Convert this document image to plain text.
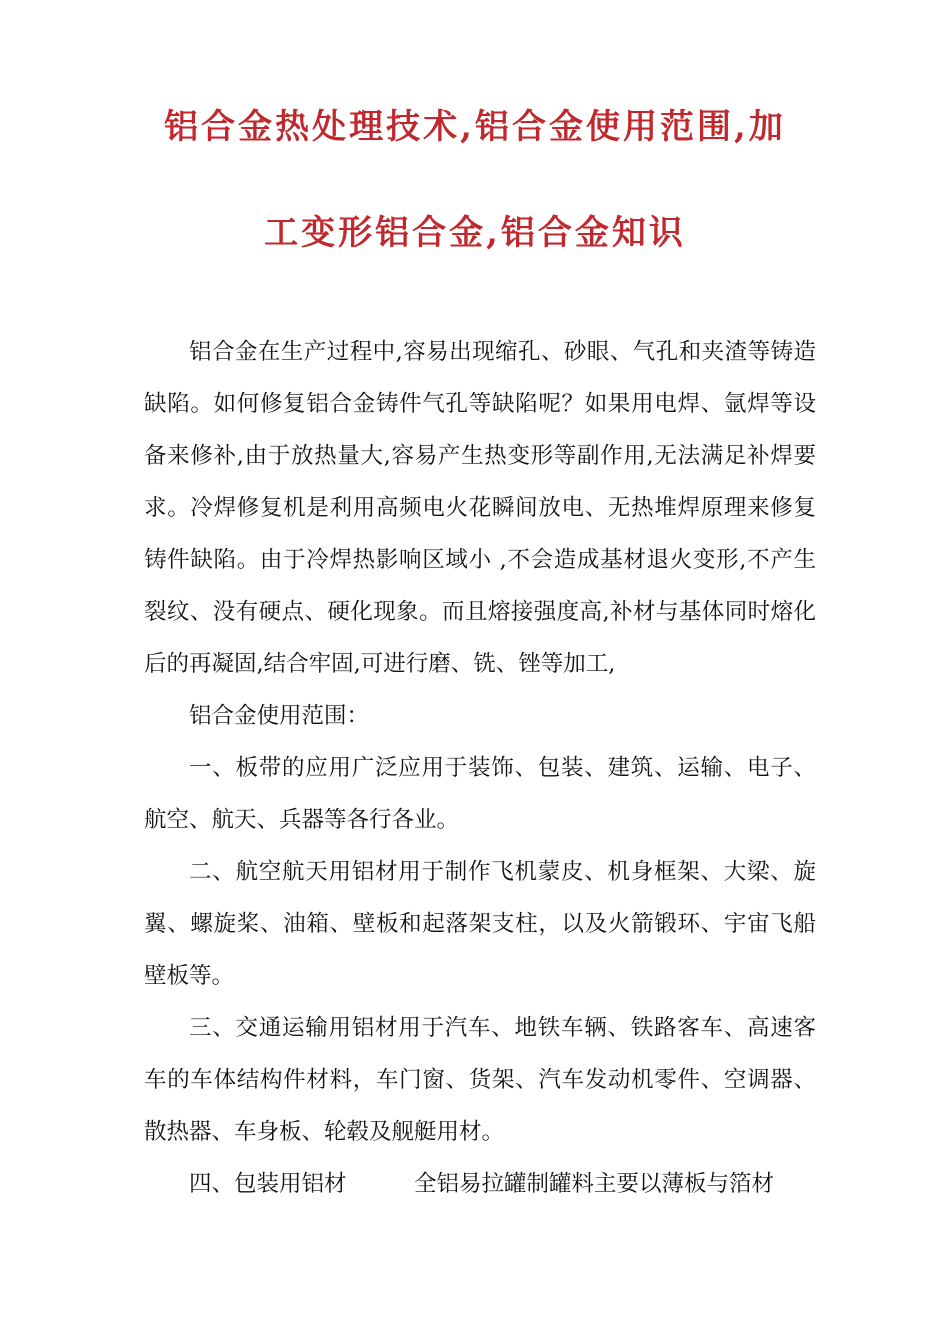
铝合金热处理技术,铝合金使用范围,加
工变形铝合金,铝合金知识

铝合金在生产过程中,容易出现缩孔、砂眼、气孔和夹渣等铸造缺陷。如何修复铝合金铸件气孔等缺陷呢？如果用电焊、氩焊等设备来修补,由于放热量大,容易产生热变形等副作用,无法满足补焊要求。冷焊修复机是利用高频电火花瞬间放电、无热堆焊原理来修复铸件缺陷。由于冷焊热影响区域小 ,不会造成基材退火变形,不产生裂纹、没有硬点、硬化现象。而且熔接强度高,补材与基体同时熔化后的再凝固,结合牢固,可进行磨、铣、锉等加工,

铝合金使用范围：

一、板带的应用广泛应用于装饰、包装、建筑、运输、电子、航空、航天、兵器等各行各业。

二、航空航天用铝材用于制作飞机蒙皮、机身框架、大梁、旋翼、螺旋桨、油箱、壁板和起落架支柱，以及火箭锻环、宇宙飞船壁板等。

三、交通运输用铝材用于汽车、地铁车辆、铁路客车、高速客车的车体结构件材料，车门窗、货架、汽车发动机零件、空调器、散热器、车身板、轮毂及舰艇用材。

四、包装用铝材　　　全铝易拉罐制罐料主要以薄板与箔材
